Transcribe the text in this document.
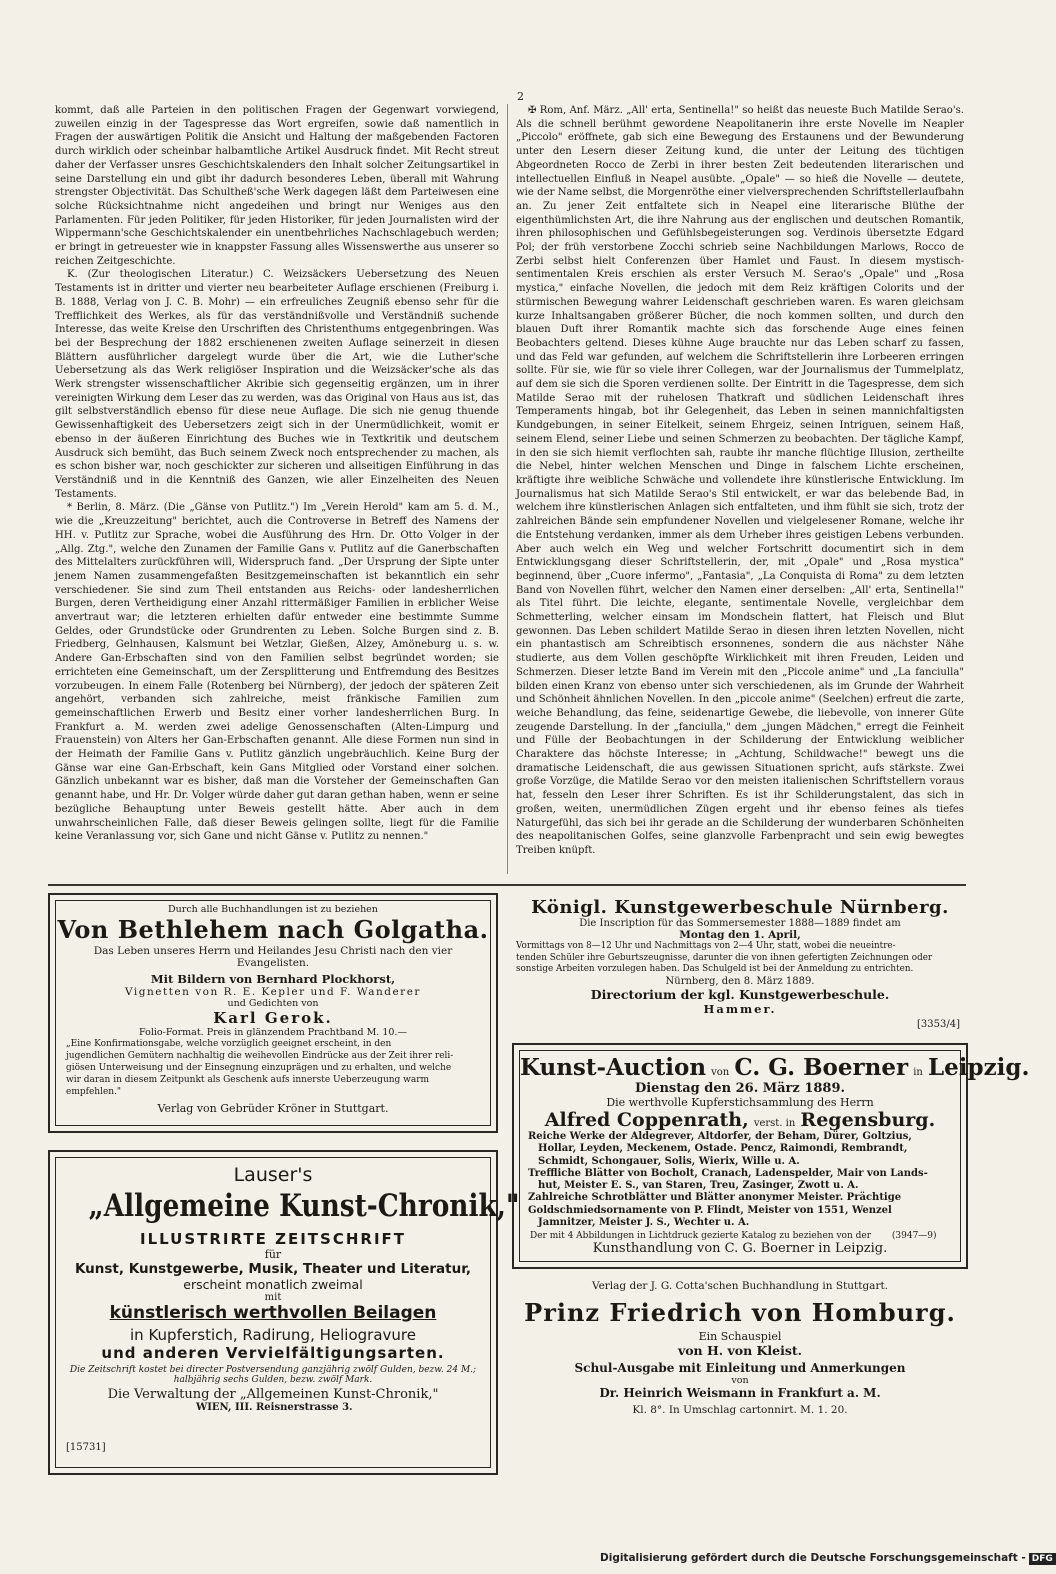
2

kommt, daß alle Parteien in den politischen Fragen der Gegenwart vorwiegend, zuweilen einzig in der Tagespresse das Wort ergreifen, sowie daß namentlich in Fragen der auswärtigen Politik die Ansicht und Haltung der maßgebenden Factoren durch wirklich oder scheinbar halbamtliche Artikel Ausdruck findet. Mit Recht streut daher der Verfasser unsres Geschichtskalenders den Inhalt solcher Zeitungsartikel in seine Darstellung ein und gibt ihr dadurch besonderes Leben, überall mit Wahrung strengster Objectivität. Das Schultheß'sche Werk dagegen läßt dem Parteiwesen eine solche Rücksichtnahme nicht angedeihen und bringt nur Weniges aus den Parlamenten. Für jeden Politiker, für jeden Historiker, für jeden Journalisten wird der Wippermann'sche Geschichtskalender ein unentbehrliches Nachschlagebuch werden; er bringt in getreuester wie in knappster Fassung alles Wissenswerthe aus unserer so reichen Zeitgeschichte.

K. (Zur theologischen Literatur.) C. Weizsäckers Uebersetzung des Neuen Testaments ist in dritter und vierter neu bearbeiteter Auflage erschienen (Freiburg i. B. 1888, Verlag von J. C. B. Mohr) — ein erfreuliches Zeugniß ebenso sehr für die Trefflichkeit des Werkes, als für das verständnißvolle und Verständniß suchende Interesse, das weite Kreise den Urschriften des Christenthums entgegenbringen. Was bei der Besprechung der 1882 erschienenen zweiten Auflage seinerzeit in diesen Blättern ausführlicher dargelegt wurde über die Art, wie die Luther'sche Uebersetzung als das Werk religiöser Inspiration und die Weizsäcker'sche als das Werk strengster wissenschaftlicher Akribie sich gegenseitig ergänzen, um in ihrer vereinigten Wirkung dem Leser das zu werden, was das Original von Haus aus ist, das gilt selbstverständlich ebenso für diese neue Auflage. Die sich nie genug thuende Gewissenhaftigkeit des Uebersetzers zeigt sich in der Unermüdlichkeit, womit er ebenso in der äußeren Einrichtung des Buches wie in Textkritik und deutschem Ausdruck sich bemüht, das Buch seinem Zweck noch entsprechender zu machen, als es schon bisher war, noch geschickter zur sicheren und allseitigen Einführung in das Verständniß und in die Kenntniß des Ganzen, wie aller Einzelheiten des Neuen Testaments.

* Berlin, 8. März. (Die „Gänse von Putlitz.") Im „Verein Herold" kam am 5. d. M., wie die „Kreuzzeitung" berichtet, auch die Controverse in Betreff des Namens der HH. v. Putlitz zur Sprache, wobei die Ausführung des Hrn. Dr. Otto Volger in der „Allg. Ztg.", welche den Zunamen der Familie Gans v. Putlitz auf die Ganerbschaften des Mittelalters zurückführen will, Widerspruch fand. „Der Ursprung der Sipte unter jenem Namen zusammengefaßten Besitzgemeinschaften ist bekanntlich ein sehr verschiedener. Sie sind zum Theil entstanden aus Reichs- oder landesherrlichen Burgen, deren Vertheidigung einer Anzahl rittermäßiger Familien in erblicher Weise anvertraut war; die letzteren erhielten dafür entweder eine bestimmte Summe Geldes, oder Grundstücke oder Grundrenten zu Leben. Solche Burgen sind z. B. Friedberg, Gelnhausen, Kalsmunt bei Wetzlar, Gießen, Alzey, Amöneburg u. s. w. Andere Gan-Erbschaften sind von den Familien selbst begründet worden; sie errichteten eine Gemeinschaft, um der Zersplitterung und Entfremdung des Besitzes vorzubeugen. In einem Falle (Rotenberg bei Nürnberg), der jedoch der späteren Zeit angehört, verbanden sich zahlreiche, meist fränkische Familien zum gemeinschaftlichen Erwerb und Besitz einer vorher landesherrlichen Burg. In Frankfurt a. M. werden zwei adelige Genossenschaften (Alten-Limpurg und Frauenstein) von Alters her Gan-Erbschaften genannt. Alle diese Formen nun sind in der Heimath der Familie Gans v. Putlitz gänzlich ungebräuchlich. Keine Burg der Gänse war eine Gan-Erbschaft, kein Gans Mitglied oder Vorstand einer solchen. Gänzlich unbekannt war es bisher, daß man die Vorsteher der Gemeinschaften Gan genannt habe, und Hr. Dr. Volger würde daher gut daran gethan haben, wenn er seine bezügliche Behauptung unter Beweis gestellt hätte. Aber auch in dem unwahrscheinlichen Falle, daß dieser Beweis gelingen sollte, liegt für die Familie keine Veranlassung vor, sich Gane und nicht Gänse v. Putlitz zu nennen."

✠ Rom, Anf. März. „All' erta, Sentinella!" so heißt das neueste Buch Matilde Serao's. Als die schnell berühmt gewordene Neapolitanerin ihre erste Novelle im Neapler „Piccolo" eröffnete, gab sich eine Bewegung des Erstaunens und der Bewunderung unter den Lesern dieser Zeitung kund, die unter der Leitung des tüchtigen Abgeordneten Rocco de Zerbi in ihrer besten Zeit bedeutenden literarischen und intellectuellen Einfluß in Neapel ausübte. „Opale" — so hieß die Novelle — deutete, wie der Name selbst, die Morgenröthe einer vielversprechenden Schriftstellerlaufbahn an. Zu jener Zeit entfaltete sich in Neapel eine literarische Blüthe der eigenthümlichsten Art, die ihre Nahrung aus der englischen und deutschen Romantik, ihren philosophischen und Gefühlsbegeisterungen sog. Verdinois übersetzte Edgard Pol; der früh verstorbene Zocchi schrieb seine Nachbildungen Marlows, Rocco de Zerbi selbst hielt Conferenzen über Hamlet und Faust. In diesem mystisch-sentimentalen Kreis erschien als erster Versuch M. Serao's „Opale" und „Rosa mystica," einfache Novellen, die jedoch mit dem Reiz kräftigen Colorits und der stürmischen Bewegung wahrer Leidenschaft geschrieben waren. Es waren gleichsam kurze Inhaltsangaben größerer Bücher, die noch kommen sollten, und durch den blauen Duft ihrer Romantik machte sich das forschende Auge eines feinen Beobachters geltend. Dieses kühne Auge brauchte nur das Leben scharf zu fassen, und das Feld war gefunden, auf welchem die Schriftstellerin ihre Lorbeeren erringen sollte. Für sie, wie für so viele ihrer Collegen, war der Journalismus der Tummelplatz, auf dem sie sich die Sporen verdienen sollte. Der Eintritt in die Tagespresse, dem sich Matilde Serao mit der ruhelosen Thatkraft und südlichen Leidenschaft ihres Temperaments hingab, bot ihr Gelegenheit, das Leben in seinen mannichfaltigsten Kundgebungen, in seiner Eitelkeit, seinem Ehrgeiz, seinen Intriguen, seinem Haß, seinem Elend, seiner Liebe und seinen Schmerzen zu beobachten. Der tägliche Kampf, in den sie sich hiemit verflochten sah, raubte ihr manche flüchtige Illusion, zertheilte die Nebel, hinter welchen Menschen und Dinge in falschem Lichte erscheinen, kräftigte ihre weibliche Schwäche und vollendete ihre künstlerische Entwicklung. Im Journalismus hat sich Matilde Serao's Stil entwickelt, er war das belebende Bad, in welchem ihre künstlerischen Anlagen sich entfalteten, und ihm fühlt sie sich, trotz der zahlreichen Bände sein empfundener Novellen und vielgelesener Romane, welche ihr die Entstehung verdanken, immer als dem Urheber ihres geistigen Lebens verbunden. Aber auch welch ein Weg und welcher Fortschritt documentirt sich in dem Entwicklungsgang dieser Schriftstellerin, der, mit „Opale" und „Rosa mystica" beginnend, über „Cuore infermo", „Fantasia", „La Conquista di Roma" zu dem letzten Band von Novellen führt, welcher den Namen einer derselben: „All' erta, Sentinella!" als Titel führt. Die leichte, elegante, sentimentale Novelle, vergleichbar dem Schmetterling, welcher einsam im Mondschein flattert, hat Fleisch und Blut gewonnen. Das Leben schildert Matilde Serao in diesen ihren letzten Novellen, nicht ein phantastisch am Schreibtisch ersonnenes, sondern die aus nächster Nähe studierte, aus dem Vollen geschöpfte Wirklichkeit mit ihren Freuden, Leiden und Schmerzen. Dieser letzte Band im Verein mit den „Piccole anime" und „La fanciulla" bilden einen Kranz von ebenso unter sich verschiedenen, als im Grunde der Wahrheit und Schönheit ähnlichen Novellen. In den „piccole anime" (Seelchen) erfreut die zarte, weiche Behandlung, das feine, seidenartige Gewebe, die liebevolle, von innerer Güte zeugende Darstellung. In der „fanciulla," dem „jungen Mädchen," erregt die Feinheit und Fülle der Beobachtungen in der Schilderung der Entwicklung weiblicher Charaktere das höchste Interesse; in „Achtung, Schildwache!" bewegt uns die dramatische Leidenschaft, die aus gewissen Situationen spricht, aufs stärkste. Zwei große Vorzüge, die Matilde Serao vor den meisten italienischen Schriftstellern voraus hat, fesseln den Leser ihrer Schriften. Es ist ihr Schilderungstalent, das sich in großen, weiten, unermüdlichen Zügen ergeht und ihr ebenso feines als tiefes Naturgefühl, das sich bei ihr gerade an die Schilderung der wunderbaren Schönheiten des neapolitanischen Golfes, seine glanzvolle Farbenpracht und sein ewig bewegtes Treiben knüpft.

Durch alle Buchhandlungen ist zu beziehen
Von Bethlehem nach Golgatha.
Das Leben unseres Herrn und Heilandes Jesu Christi nach den vier
Evangelisten.
Mit Bildern von Bernhard Plockhorst,
Vignetten von R. E. Kepler und F. Wanderer
und Gedichten von
Karl Gerok.
Folio-Format. Preis in glänzendem Prachtband M. 10.—
„Eine Konfirmationsgabe, welche vorzüglich geeignet erscheint, in den
jugendlichen Gemütern nachhaltig die weihevollen Eindrücke aus der Zeit ihrer reli-
giösen Unterweisung und der Einsegnung einzuprägen und zu erhalten, und welche
wir daran in diesem Zeitpunkt als Geschenk aufs innerste Ueberzeugung warm
empfehlen."
Verlag von Gebrüder Kröner in Stuttgart.
Lauser's
„Allgemeine Kunst-Chronik,"
ILLUSTRIRTE ZEITSCHRIFT
für
Kunst, Kunstgewerbe, Musik, Theater und Literatur,
erscheint monatlich zweimal
mit
künstlerisch werthvollen Beilagen
in Kupferstich, Radirung, Heliogravure
und anderen Vervielfältigungsarten.
Die Zeitschrift kostet bei directer Postversendung ganzjährig zwölf Gulden, bezw. 24 M.;
halbjährig sechs Gulden, bezw. zwölf Mark.
Die Verwaltung der „Allgemeinen Kunst-Chronik,"
WIEN, III. Reisnerstrasse 3.
[15731]
Königl. Kunstgewerbeschule Nürnberg.
Die Inscription für das Sommersemester 1888—1889 findet am
Montag den 1. April,
Vormittags von 8—12 Uhr und Nachmittags von 2—4 Uhr, statt, wobei die neueintre-
tenden Schüler ihre Geburtszeugnisse, darunter die von ihnen gefertigten Zeichnungen oder
sonstige Arbeiten vorzulegen haben. Das Schulgeld ist bei der Anmeldung zu entrichten.
Nürnberg, den 8. März 1889.
Directorium der kgl. Kunstgewerbeschule.
Hammer.
[3353/4]
Kunst-Auction von C. G. Boerner in Leipzig.
Dienstag den 26. März 1889.
Die werthvolle Kupferstichsammlung des Herrn
Alfred Coppenrath, verst. in Regensburg.
Reiche Werke der Aldegrever, Altdorfer, der Beham, Dürer, Goltzius,
Hollar, Leyden, Meckenem, Ostade. Pencz, Raimondi, Rembrandt,
Schmidt, Schongauer, Solis, Wierix, Wille u. A.
Treffliche Blätter von Bocholt, Cranach, Ladenspelder, Mair von Lands-
hut, Meister E. S., van Staren, Treu, Zasinger, Zwott u. A.
Zahlreiche Schrotblätter und Blätter anonymer Meister. Prächtige
Goldschmiedsornamente von P. Flindt, Meister von 1551, Wenzel
Jamnitzer, Meister J. S., Wechter u. A.
Der mit 4 Abbildungen in Lichtdruck gezierte Katalog zu beziehen von der (3947—9)
Kunsthandlung von C. G. Boerner in Leipzig.
Verlag der J. G. Cotta'schen Buchhandlung in Stuttgart.
Prinz Friedrich von Homburg.
Ein Schauspiel
von H. von Kleist.
Schul-Ausgabe mit Einleitung und Anmerkungen
von
Dr. Heinrich Weismann in Frankfurt a. M.
Kl. 8°. In Umschlag cartonnirt. M. 1. 20.
Digitalisierung gefördert durch die Deutsche Forschungsgemeinschaft - DFG
